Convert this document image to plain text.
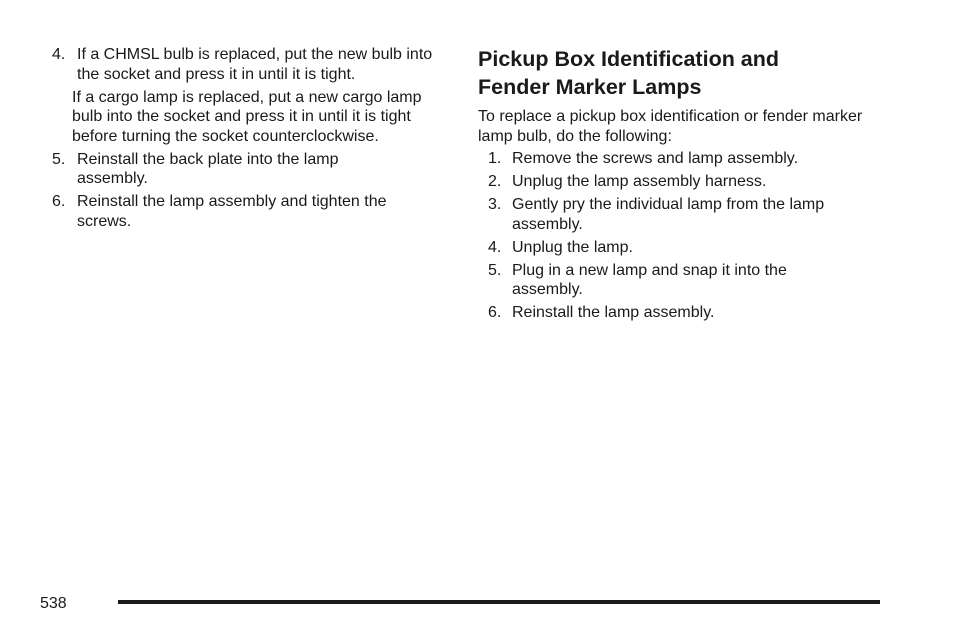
4. If a CHMSL bulb is replaced, put the new bulb into the socket and press it in until it is tight.

If a cargo lamp is replaced, put a new cargo lamp bulb into the socket and press it in until it is tight before turning the socket counterclockwise.

5. Reinstall the back plate into the lamp assembly.
6. Reinstall the lamp assembly and tighten the screws.
Pickup Box Identification and
Fender Marker Lamps

To replace a pickup box identification or fender marker lamp bulb, do the following:

1. Remove the screws and lamp assembly.
2. Unplug the lamp assembly harness.
3. Gently pry the individual lamp from the lamp assembly.
4. Unplug the lamp.
5. Plug in a new lamp and snap it into the assembly.
6. Reinstall the lamp assembly.
538
